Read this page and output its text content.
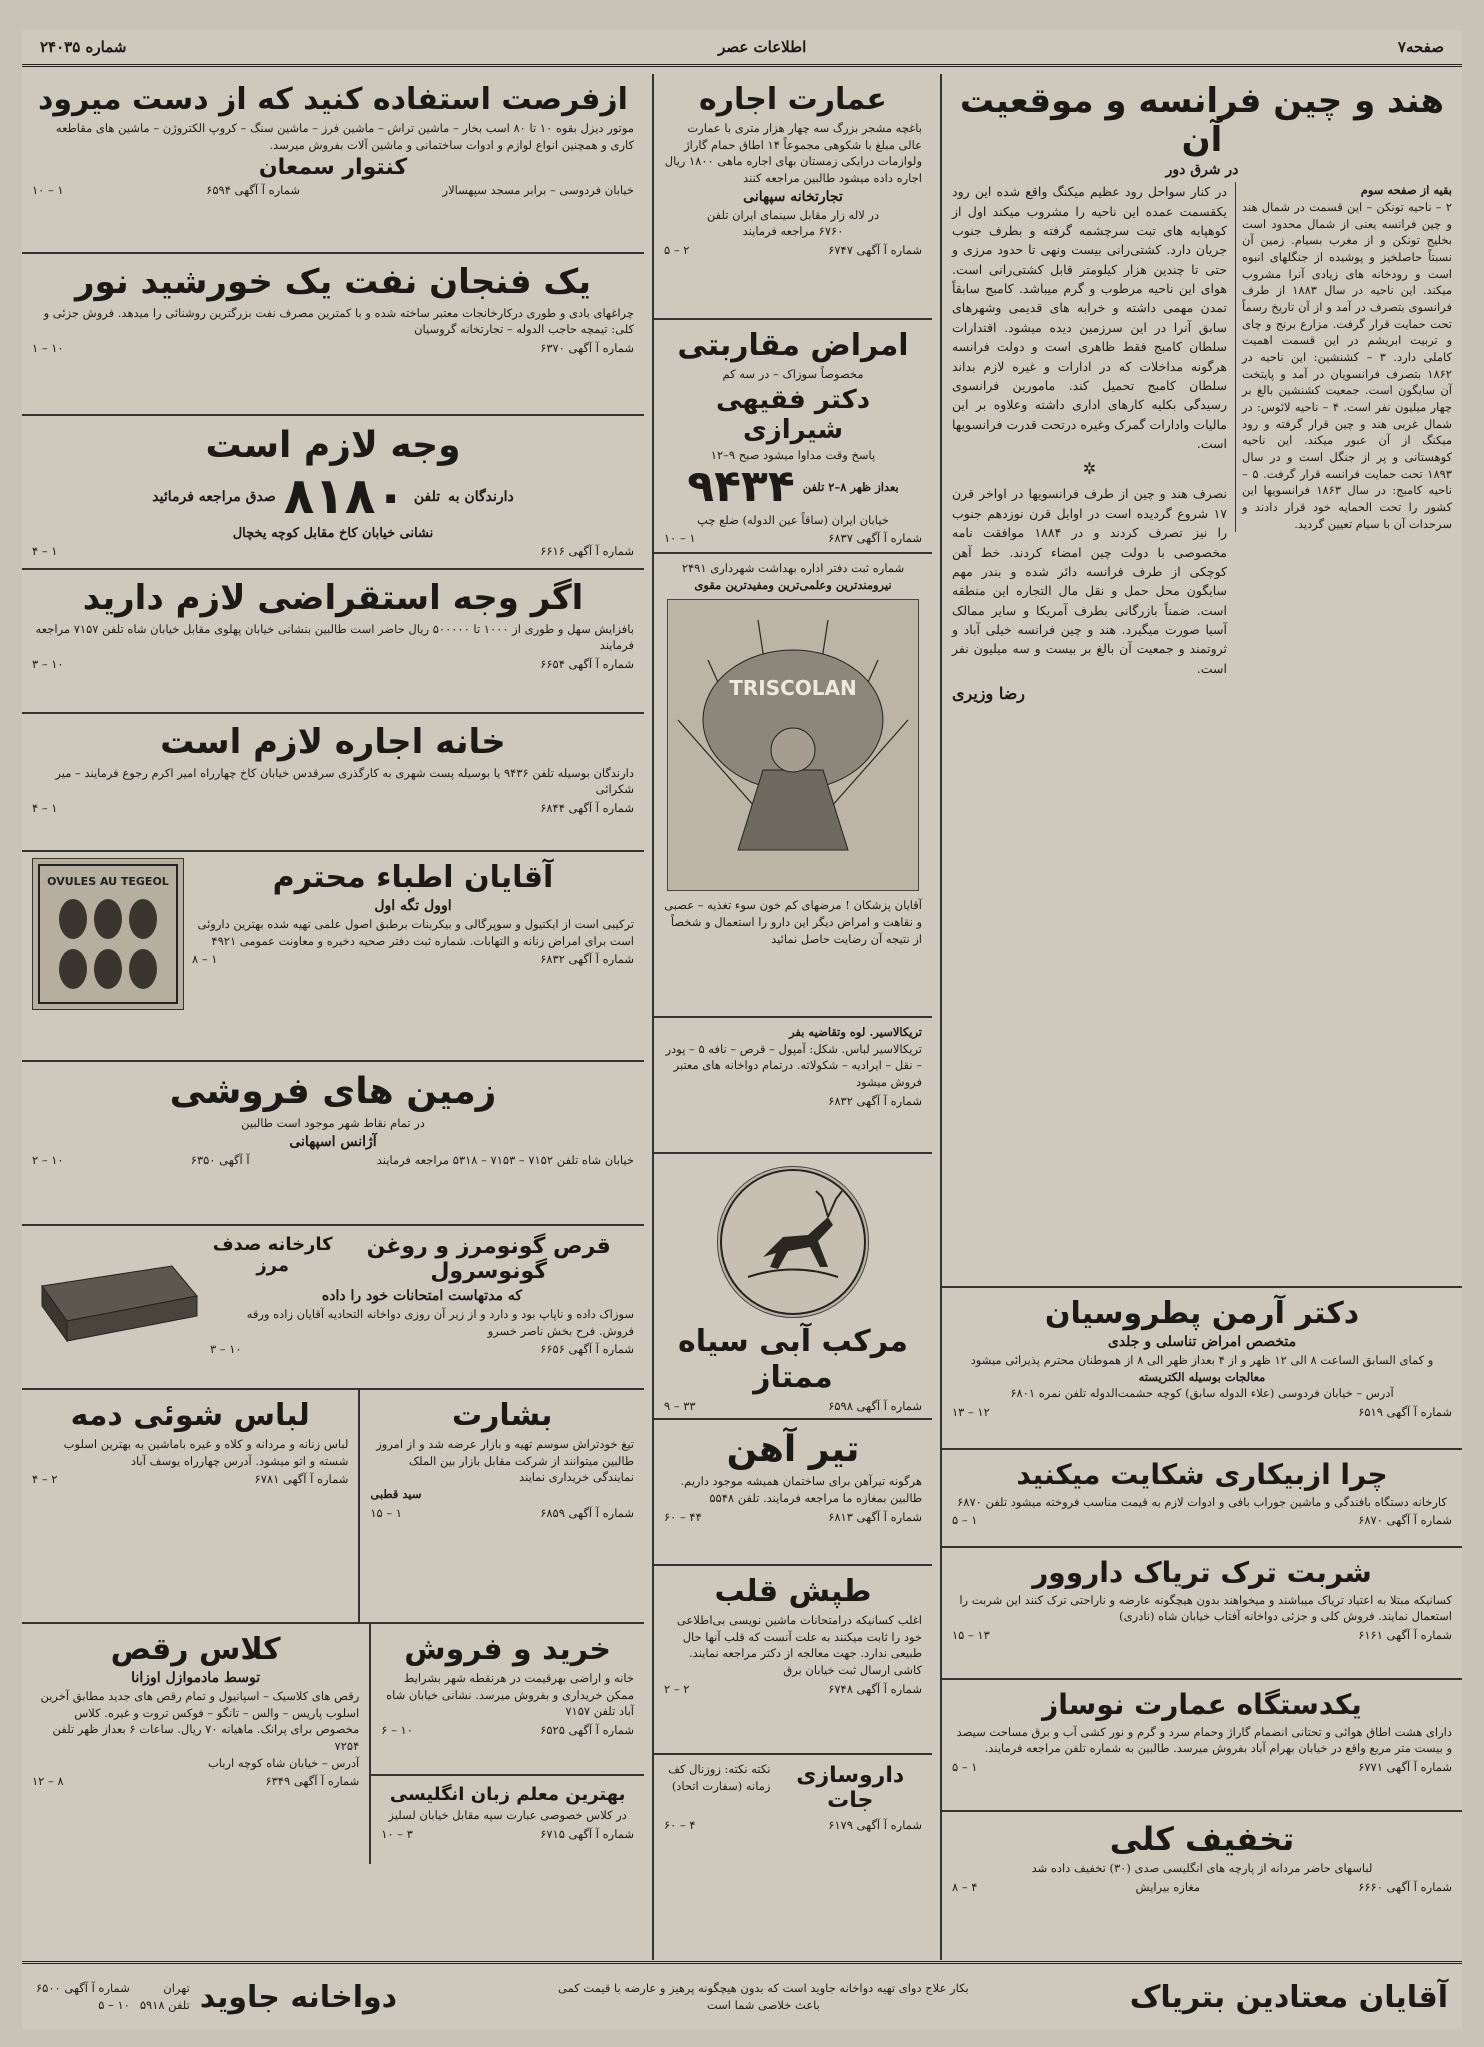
صفحه۷
اطلاعات عصر
شماره ۲۴۰۳۵
هند و چین فرانسه و موقعیت آن
در شرق دور
بقیه از صفحه سوم
۲ – ناحیه تونکن – این قسمت در شمال هند و چین فرانسه یعنی از شمال محدود است بخلیج تونکن و از مغرب بسیام. زمین آن نسبتاً حاصلخیز و پوشیده از جنگلهای انبوه است و رودخانه های زیادی آنرا مشروب میکند. این ناحیه در سال ۱۸۸۳ از طرف فرانسوی بتصرف در آمد و از آن تاریخ رسماً تحت حمایت قرار گرفت. مزارع برنج و چای و تربیت ابریشم در این قسمت اهمیت کاملی دارد. ۳ – کشنشین: این ناحیه در ۱۸۶۲ بتصرف فرانسویان در آمد و پایتخت آن سایگون است. جمعیت کشنشین بالغ بر چهار میلیون نفر است. ۴ – ناحیه لائوس: در شمال غربی هند و چین قرار گرفته و رود میکنگ از آن عبور میکند. این ناحیه کوهستانی و پر از جنگل است و در سال ۱۸۹۳ تحت حمایت فرانسه قرار گرفت. ۵ – ناحیه کامبج: در سال ۱۸۶۳ فرانسویها این کشور را تحت الحمایه خود قرار دادند و سرحدات آن با سیام تعیین گردید.
در کنار سواحل رود عظیم میکنگ واقع شده این رود یکقسمت عمده این ناحیه را مشروب میکند اول از کوهپایه های تبت سرچشمه گرفته و بطرف جنوب جریان دارد. کشتی‌رانی بیست ونهی تا حدود مرزی و حتی تا چندین هزار کیلومتر قابل کشتی‌رانی است. هوای این ناحیه مرطوب و گرم میباشد. کامبج سابقاً تمدن مهمی داشته و خرابه های قدیمی وشهرهای سابق آنرا در این سرزمین دیده میشود. اقتدارات سلطان کامبج فقط ظاهری است و دولت فرانسه هرگونه مداخلات که در ادارات و غیره لازم بداند سلطان کامبج تحمیل کند. مامورین فرانسوی رسیدگی بکلیه کارهای اداری داشته وعلاوه بر این مالیات وادارات گمرک وغیره درتحت قدرت فرانسویها است.
✲
نصرف هند و چین از طرف فرانسویها در اواخر قرن ۱۷ شروع گردیده است در اوایل قرن نوزدهم جنوب را نیز تصرف کردند و در ۱۸۸۴ موافقت نامه مخصوصی با دولت چین امضاء کردند. خط آهن کوچکی از طرف فرانسه دائر شده و بندر مهم سایگون محل حمل و نقل مال التجاره این منطقه است. ضمناً بازرگانی بطرف آمریکا و سایر ممالک آسیا صورت میگیرد. هند و چین فرانسه خیلی آباد و ثروتمند و جمعیت آن بالغ بر بیست و سه میلیون نفر است.
رضا وزیری
دکتر آرمن پطروسیان
متخصص امراض تناسلی و جلدی
و کمای السابق الساعت ۸ الی ۱۲ ظهر و از ۴ بعداز ظهر الی ۸ از هموطنان محترم پذیرائی میشود
معالجات بوسیله الکتریسته
آدرس – خیابان فردوسی (علاء الدوله سابق) کوچه حشمت‌الدوله تلفن نمره ۶۸۰۱
شماره آ آگهی ۶۵۱۹
۱۲ – ۱۳
چرا ازبیکاری شکایت میکنید
کارخانه دستگاه بافندگی و ماشین جوراب بافی و ادوات لازم به قیمت مناسب فروخته میشود تلفن ۶۸۷۰
شماره آ آگهی ۶۸۷۰
۱ – ۵
شربت ترک تریاک داروور
کسانیکه مبتلا به اعتیاد تریاک میباشند و میخواهند بدون هیچگونه عارضه و ناراحتی ترک کنند این شربت را استعمال نمایند. فروش کلی و جزئی دواخانه آفتاب خیابان شاه (نادری)
شماره آ آگهی ۶۱۶۱
۱۳ – ۱۵
یکدستگاه عمارت نوساز
دارای هشت اطاق هوائی و تحتانی انضمام گاراژ وحمام سرد و گرم و نور کشی آب و برق مساحت سیصد و بیست متر مربع واقع در خیابان بهرام آباد بفروش میرسد. طالبین به شماره تلفن مراجعه فرمایند.
شماره آ آگهی ۶۷۷۱
۱ – ۵
تخفیف کلی
لباسهای حاضر مردانه از پارچه های انگلیسی صدی (۳۰) تخفیف داده شد
شماره آ آگهی ۶۶۶۰
مغازه بیرایش
۴ – ۸
عمارت اجاره
باغچه مشجر بزرگ سه چهار هزار متری با عمارت عالی مبلغ با شکوهی مجموعاً ۱۴ اطاق حمام گاراژ ولوازمات درایکی زمستان بهای اجاره ماهی ۱۸۰۰ ریال اجاره داده میشود طالبین مراجعه کنند
تجارتخانه سپهانی
در لاله زار مقابل سینمای ایران تلفن
۶۷۶۰ مراجعه فرمایند
شماره آ آگهی ۶۷۴۷
۲ – ۵
امراض مقاربتی
مخصوصاً سوزاک – در سه کم
دکتر فقیهی شیرازی
پاسخ وقت مداوا میشود صبح ۹–۱۲
بعداز ظهر ۸–۲ تلفن
۹۴۳۴
خیابان ایران (ساقاً عین الدوله) ضلع چپ
شماره آ آگهی ۶۸۳۷
۱ – ۱۰
شماره ثبت دفتر اداره بهداشت شهرداری ۲۴۹۱
نیرومندترین وعلمی‌ترین ومفیدترین مقوی
TRISCOLAN
آقایان پزشکان ! مرضهای کم خون سوء تغذیه – عصبی و نقاهت و امراض دیگر این دارو را استعمال و شخصاً از نتیجه آن رضایت حاصل نمائید
تریکالاسیر. لوه وتقاضیه بفر
تریکالاسیر لباس. شکل: آمپول – قرص – نافه ۵ – پودر – نقل – ایرادیه – شکولاته. درتمام دواخانه های معتبر فروش میشود
شماره آ آگهی ۶۸۳۲
مرکب آبی سیاه ممتاز
شماره آ آگهی ۶۵۹۸
۳۳ – ۹
تیر آهن
هرگونه تیرآهن برای ساختمان همیشه موجود داریم. طالبین بمغازه ما مراجعه فرمایند. تلفن ۵۵۴۸
شماره آ آگهی ۶۸۱۳
۴۴ – ۶۰
طپش قلب
اغلب کسانیکه درامتحانات ماشین نویسی بی‌اطلاعی خود را ثابت میکنند به علت آنست که قلب آنها حال طبیعی ندارد. جهت معالجه از دکتر مراجعه نمایند. کاشی ارسال ثبت خیابان برق
شماره آ آگهی ۶۷۴۸
۲ – ۲
داروسازی جات
نکته نکته: زوزنال کف زمانه (سفارت اتحاد)
شماره آ آگهی ۶۱۷۹
۴ – ۶۰
ازفرصت استفاده کنید که از دست میرود
موتور دیزل بقوه ۱۰ تا ۸۰ اسب بخار – ماشین تراش – ماشین فرز – ماشین سنگ – کروپ الکتروژن – ماشین های مقاطعه کاری و همچنین انواع لوازم و ادوات ساختمانی و ماشین آلات بفروش میرسد.
کنتوار سمعان
خیابان فردوسی – برابر مسجد سپهسالار
شماره آ آگهی ۶۵۹۴
۱ – ۱۰
یک فنجان نفت یک خورشید نور
چراغهای بادی و طوری درکارخانجات معتبر ساخته شده و با کمترین مصرف نفت بزرگترین روشنائی را میدهد. فروش جزئی و کلی: تیمچه حاجب الدوله – تجارتخانه گروسیان
شماره آ آگهی ۶۳۷۰
۱۰ – ۱
وجه لازم است
دارندگان به
تلفن
۸۱۸۰
صدق مراجعه فرمائید
نشانی خیابان کاخ مقابل کوچه یخچال
شماره آ آگهی ۶۶۱۶
۱ – ۴
اگر وجه استقراضی لازم دارید
بافزایش سهل و طوری از ۱۰۰۰ تا ۵۰۰۰۰۰ ریال حاضر است طالبین بنشانی خیابان پهلوی مقابل خیابان شاه تلفن ۷۱۵۷ مراجعه فرمایند
شماره آ آگهی ۶۶۵۴
۱۰ – ۳
خانه اجاره لازم است
دارندگان بوسیله تلفن ۹۴۳۶ یا بوسیله پست شهری به کارگذری سرقدس خیابان کاخ چهارراه امیر اکرم رجوع فرمایند – میر شکرائی
شماره آ آگهی ۶۸۴۴
۱ – ۴
آقایان اطباء محترم
اوول تگه اول
ترکیبی است از ایکتیول و سوپرگالی و بیکربنات برطبق اصول علمی تهیه شده بهترین داروئی است برای امراض زنانه و التهابات. شماره ثبت دفتر صحیه دخیره و معاونت عمومی ۴۹۲۱
شماره آ آگهی ۶۸۳۲
۱ – ۸
OVULES AU TEGEOL
زمین های فروشی
در تمام نقاط شهر موجود است طالبین
آژانس اسپهانی
خیابان شاه تلفن ۷۱۵۲ – ۷۱۵۳ – ۵۳۱۸ مراجعه فرمایند
آ آگهی ۶۳۵۰
۱۰ – ۲
قرص گونومرز و روغن گونوسرول
کارخانه صدف مرز
که مدتهاست امتحانات خود را داده
سوزاک داده و ناپاپ بود و دارد و از زیر آن روزی دواخانه التحادیه آقایان زاده ورقه فروش. فرح بخش ناصر خسرو
شماره آ آگهی ۶۶۵۶
۱۰ – ۳
بشارت
تیغ خودتراش سوسم تهیه و بازار عرضه شد و از امروز طالبین میتوانند از شرکت مقابل بازار بین الملک نمایندگی خریداری نمایند
سید قطبی
شماره آ آگهی ۶۸۵۹
۱ – ۱۵
لباس شوئی دمه
لباس زنانه و مردانه و کلاه و غیره باماشین به بهترین اسلوب شسته و اتو میشود. آدرس چهارراه یوسف آباد
شماره آ آگهی ۶۷۸۱
۲ – ۴
خرید و فروش
خانه و اراضی بهرقیمت در هرنقطه شهر بشرایط ممکن خریداری و بفروش میرسد. نشانی خیابان شاه آباد تلفن ۷۱۵۷
شماره آ آگهی ۶۵۲۵
۱۰ – ۶
بهترین معلم زبان انگلیسی
در کلاس خصوصی عبارت سپه مقابل خیابان لسلیز
شماره آ آگهی ۶۷۱۵
۳ – ۱۰
کلاس رقص
توسط مادموازل اوزانا
رقص های کلاسیک – اسپانیول و تمام رقص های جدید مطابق آخرین اسلوب پاریس – والس – تانگو – فوکس تروت و غیره. کلاس مخصوص برای پرانک. ماهیانه ۷۰ ریال. ساعات ۶ بعداز ظهر تلفن ۷۲۵۴
آدرس – خیابان شاه کوچه ارباب
شماره آ آگهی ۶۳۴۹
۸ – ۱۲
آقایان معتادین بتریاک
بکار علاج دوای تهیه دواخانه جاوید است که بدون هیچگونه پرهیز و عارضه با قیمت کمی باعث خلاصی شما است
دواخانه جاوید
تهران
تلفن ۵۹۱۸
شماره آ آگهی ۶۵۰۰
۱۰ – ۵
